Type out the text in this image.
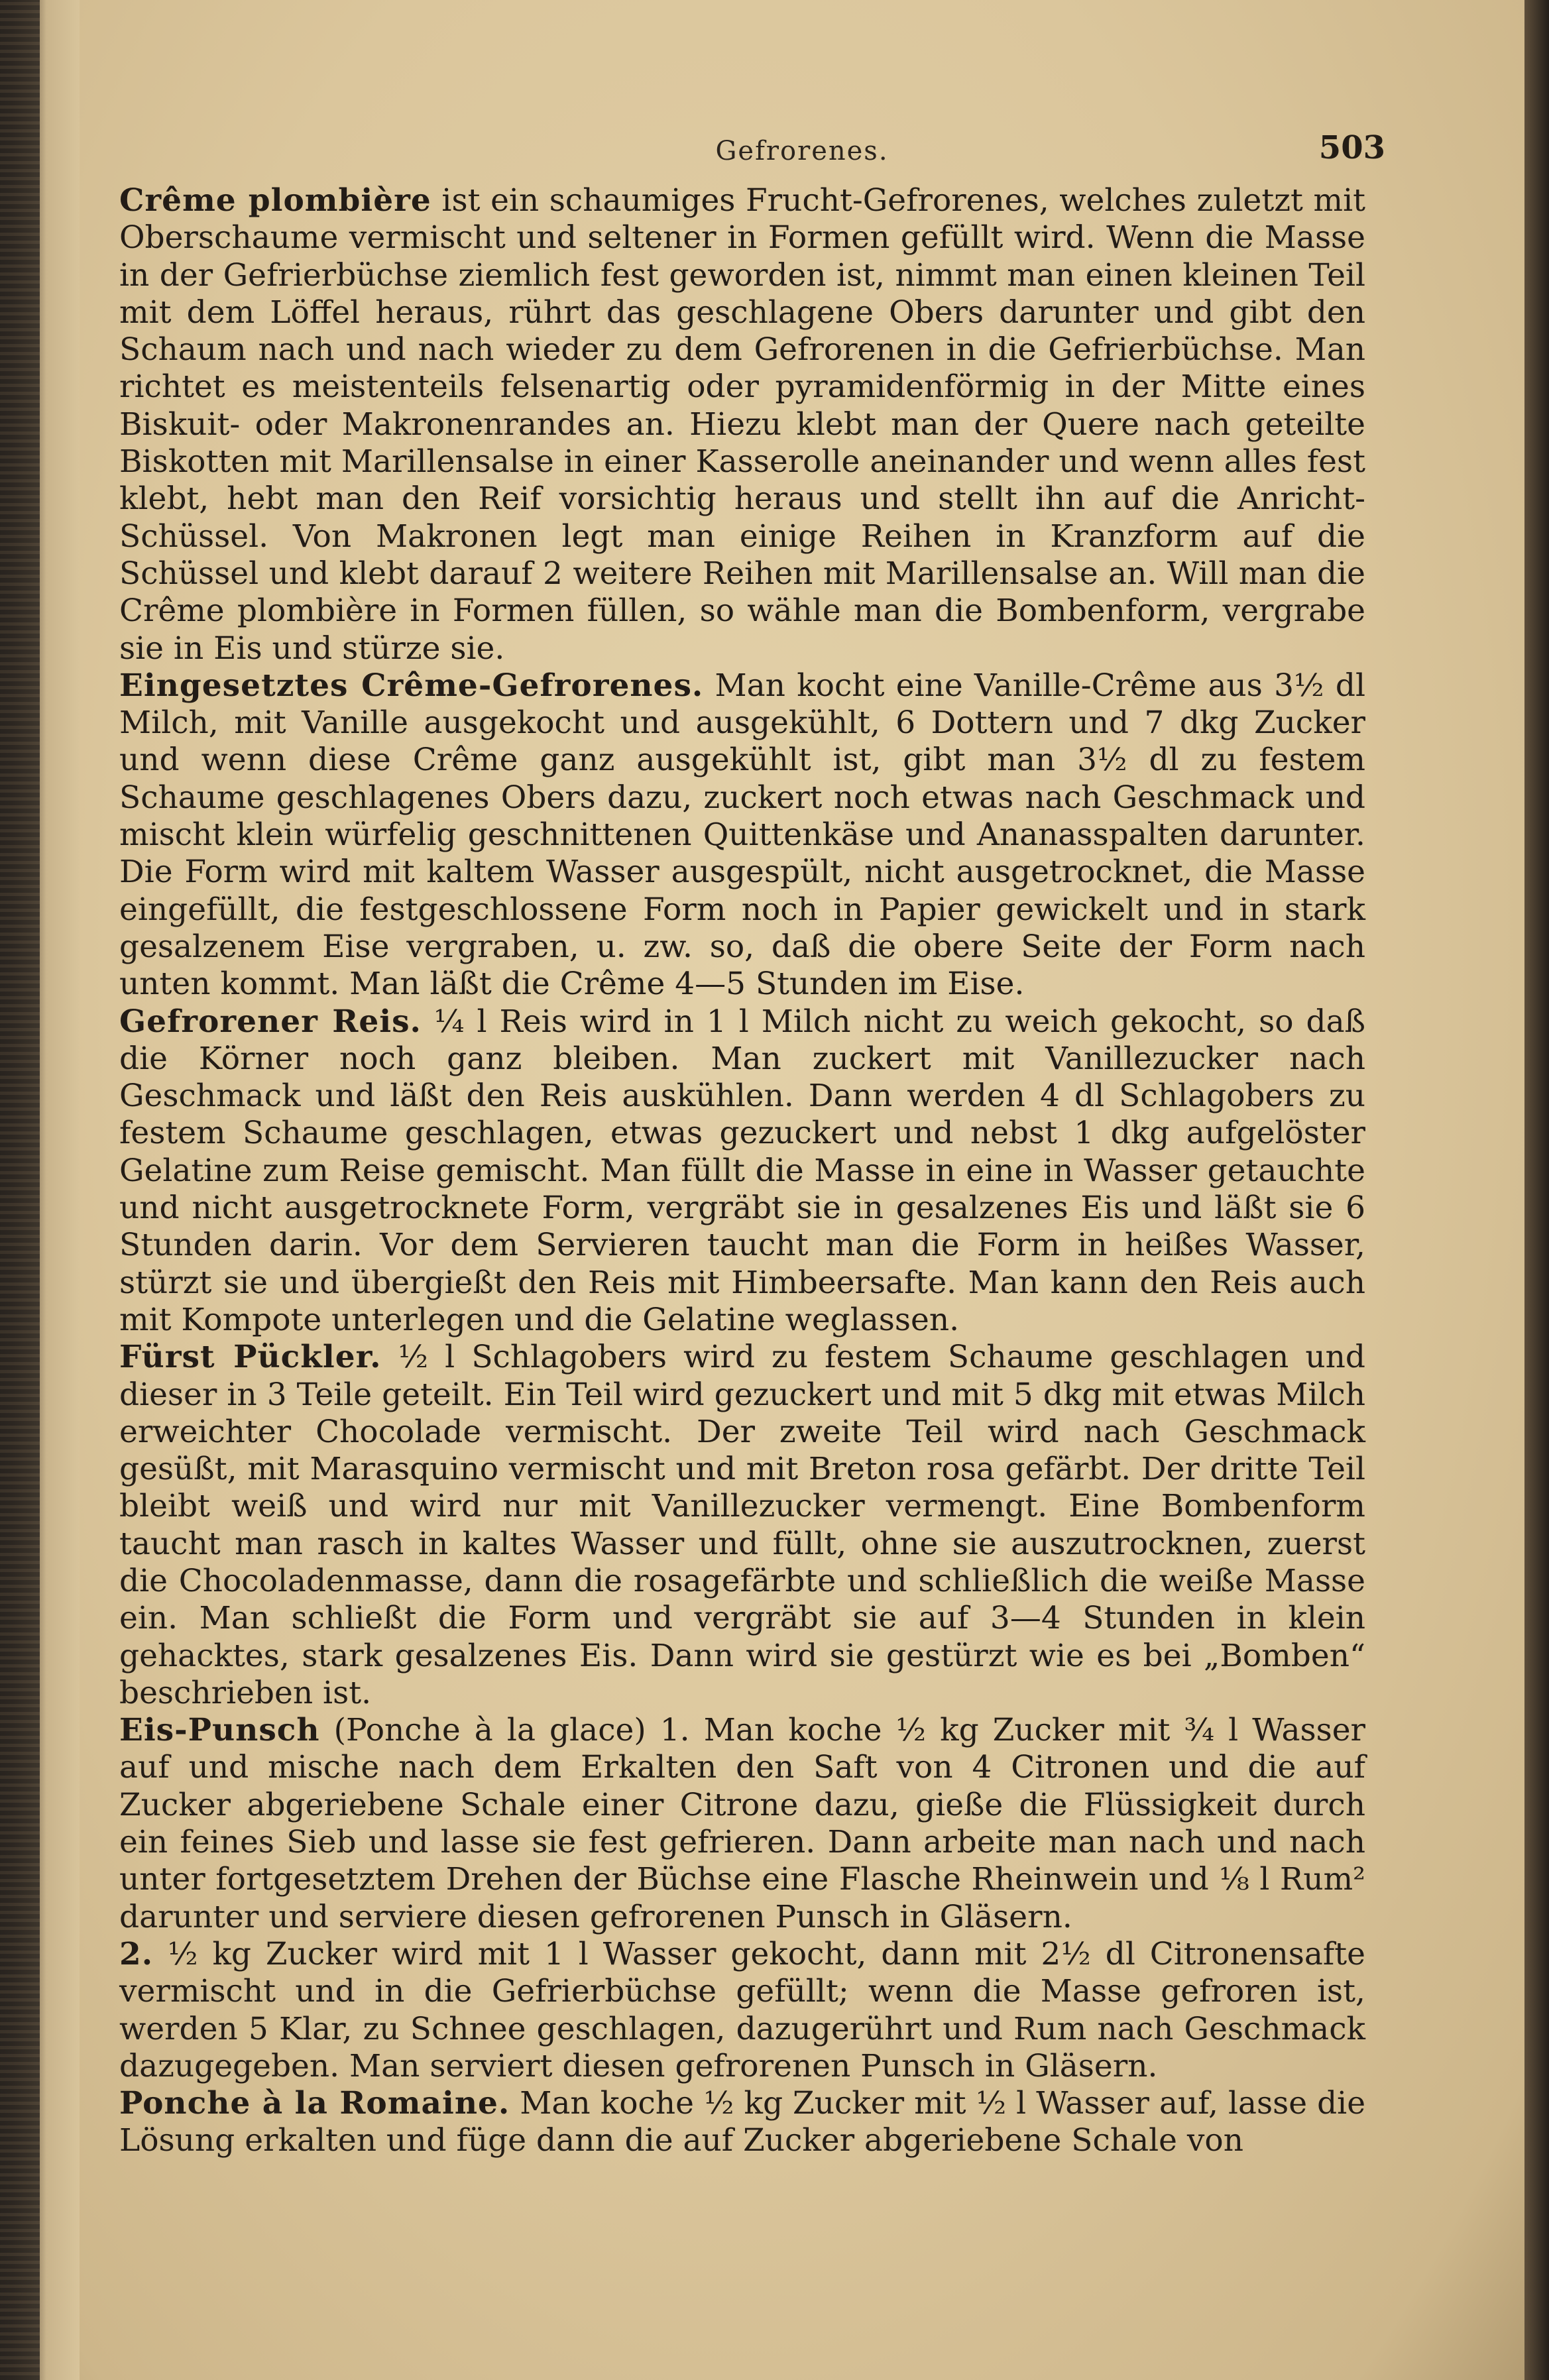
Gefrorenes.	503

Crême plombière ist ein schaumiges Frucht-Gefrorenes, welches zuletzt mit Oberschaume vermischt und seltener in Formen gefüllt wird. Wenn die Masse in der Gefrierbüchse ziemlich fest geworden ist, nimmt man einen kleinen Teil mit dem Löffel heraus, rührt das geschlagene Obers darunter und gibt den Schaum nach und nach wieder zu dem Gefrorenen in die Gefrierbüchse. Man richtet es meistenteils felsenartig oder pyramidenförmig in der Mitte eines Biskuit- oder Makronenrandes an. Hiezu klebt man der Quere nach geteilte Biskotten mit Marillensalse in einer Kasserolle aneinander und wenn alles fest klebt, hebt man den Reif vorsichtig heraus und stellt ihn auf die Anricht-Schüssel. Von Makronen legt man einige Reihen in Kranzform auf die Schüssel und klebt darauf 2 weitere Reihen mit Marillensalse an. Will man die Crême plombière in Formen füllen, so wähle man die Bombenform, vergrabe sie in Eis und stürze sie.

Eingesetztes Crême-Gefrorenes. Man kocht eine Vanille-Crême aus 3½ dl Milch, mit Vanille ausgekocht und ausgekühlt, 6 Dottern und 7 dkg Zucker und wenn diese Crême ganz ausgekühlt ist, gibt man 3½ dl zu festem Schaume geschlagenes Obers dazu, zuckert noch etwas nach Geschmack und mischt klein würfelig geschnittenen Quittenkäse und Ananasspalten darunter. Die Form wird mit kaltem Wasser ausgespült, nicht ausgetrocknet, die Masse eingefüllt, die festgeschlossene Form noch in Papier gewickelt und in stark gesalzenem Eise vergraben, u. zw. so, daß die obere Seite der Form nach unten kommt. Man läßt die Crême 4—5 Stunden im Eise.

Gefrorener Reis. ¼ l Reis wird in 1 l Milch nicht zu weich gekocht, so daß die Körner noch ganz bleiben. Man zuckert mit Vanillezucker nach Geschmack und läßt den Reis auskühlen. Dann werden 4 dl Schlagobers zu festem Schaume geschlagen, etwas gezuckert und nebst 1 dkg aufgelöster Gelatine zum Reise gemischt. Man füllt die Masse in eine in Wasser getauchte und nicht ausgetrocknete Form, vergräbt sie in gesalzenes Eis und läßt sie 6 Stunden darin. Vor dem Servieren taucht man die Form in heißes Wasser, stürzt sie und übergießt den Reis mit Himbeersafte. Man kann den Reis auch mit Kompote unterlegen und die Gelatine weglassen.

Fürst Pückler. ½ l Schlagobers wird zu festem Schaume geschlagen und dieser in 3 Teile geteilt. Ein Teil wird gezuckert und mit 5 dkg mit etwas Milch erweichter Chocolade vermischt. Der zweite Teil wird nach Geschmack gesüßt, mit Marasquino vermischt und mit Breton rosa gefärbt. Der dritte Teil bleibt weiß und wird nur mit Vanillezucker vermengt. Eine Bombenform taucht man rasch in kaltes Wasser und füllt, ohne sie auszutrocknen, zuerst die Chocoladenmasse, dann die rosagefärbte und schließlich die weiße Masse ein. Man schließt die Form und vergräbt sie auf 3—4 Stunden in klein gehacktes, stark gesalzenes Eis. Dann wird sie gestürzt wie es bei „Bomben“ beschrieben ist.

Eis-Punsch (Ponche à la glace) 1. Man koche ½ kg Zucker mit ¾ l Wasser auf und mische nach dem Erkalten den Saft von 4 Citronen und die auf Zucker abgeriebene Schale einer Citrone dazu, gieße die Flüssigkeit durch ein feines Sieb und lasse sie fest gefrieren. Dann arbeite man nach und nach unter fortgesetztem Drehen der Büchse eine Flasche Rheinwein und ⅛ l Rum² darunter und serviere diesen gefrorenen Punsch in Gläsern.

2. ½ kg Zucker wird mit 1 l Wasser gekocht, dann mit 2½ dl Citronensafte vermischt und in die Gefrierbüchse gefüllt; wenn die Masse gefroren ist, werden 5 Klar, zu Schnee geschlagen, dazugerührt und Rum nach Geschmack dazugegeben. Man serviert diesen gefrorenen Punsch in Gläsern.

Ponche à la Romaine. Man koche ½ kg Zucker mit ½ l Wasser auf, lasse die Lösung erkalten und füge dann die auf Zucker abgeriebene Schale von
